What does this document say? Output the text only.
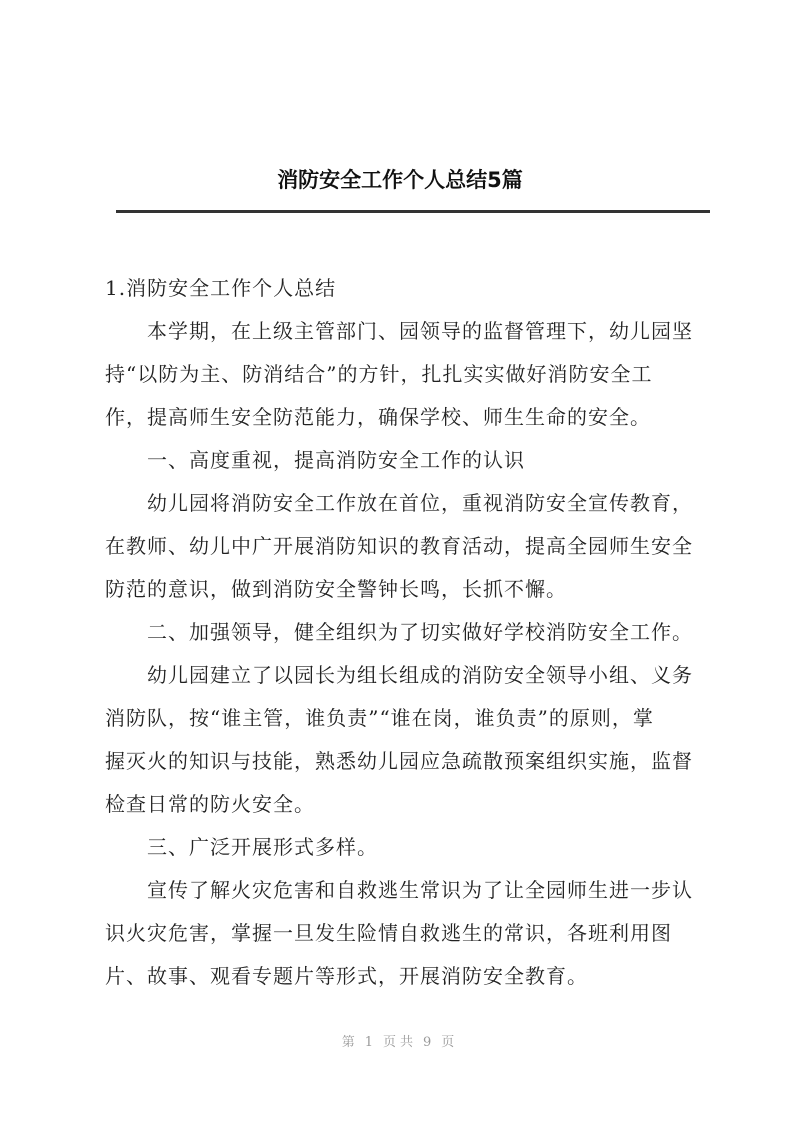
消防安全工作个人总结5篇
1.消防安全工作个人总结
本学期，在上级主管部门、园领导的监督管理下，幼儿园坚
持“以防为主、防消结合”的方针，扎扎实实做好消防安全工
作，提高师生安全防范能力，确保学校、师生生命的安全。
一、高度重视，提高消防安全工作的认识
幼儿园将消防安全工作放在首位，重视消防安全宣传教育，
在教师、幼儿中广开展消防知识的教育活动，提高全园师生安全
防范的意识，做到消防安全警钟长鸣，长抓不懈。
二、加强领导，健全组织为了切实做好学校消防安全工作。
幼儿园建立了以园长为组长组成的消防安全领导小组、义务
消防队，按“谁主管，谁负责”“谁在岗，谁负责”的原则，掌
握灭火的知识与技能，熟悉幼儿园应急疏散预案组织实施，监督
检查日常的防火安全。
三、广泛开展形式多样。
宣传了解火灾危害和自救逃生常识为了让全园师生进一步认
识火灾危害，掌握一旦发生险情自救逃生的常识，各班利用图
片、故事、观看专题片等形式，开展消防安全教育。
第 1 页共 9 页
